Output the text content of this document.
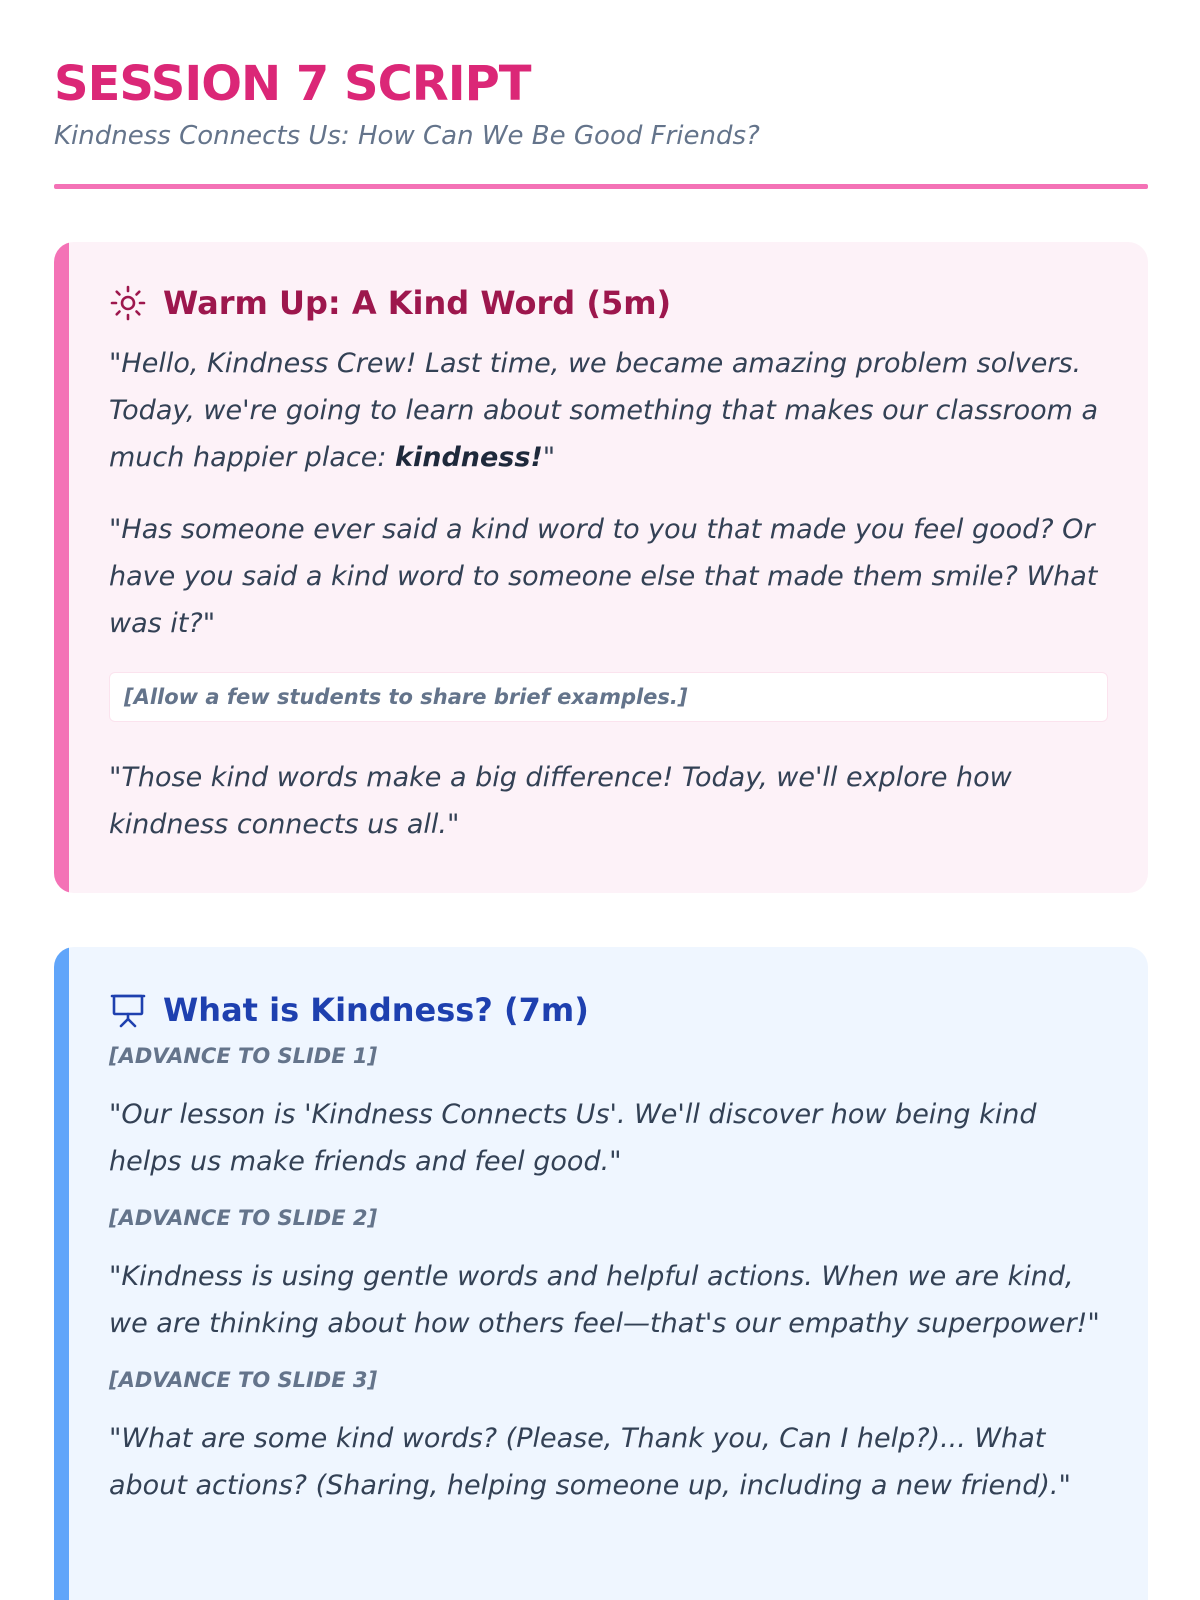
SESSION 7 SCRIPT
Kindness Connects Us: How Can We Be Good Friends?
Warm Up: A Kind Word (5m)

"Hello, Kindness Crew! Last time, we became amazing problem solvers. Today, we're going to learn about something that makes our classroom a much happier place: kindness!"

"Has someone ever said a kind word to you that made you feel good? Or have you said a kind word to someone else that made them smile? What was it?"

[Allow a few students to share brief examples.]

"Those kind words make a big difference! Today, we'll explore how kindness connects us all."

What is Kindness? (7m)
[ADVANCE TO SLIDE 1]

"Our lesson is 'Kindness Connects Us'. We'll discover how being kind helps us make friends and feel good."

[ADVANCE TO SLIDE 2]

"Kindness is using gentle words and helpful actions. When we are kind, we are thinking about how others feel—that's our empathy superpower!"

[ADVANCE TO SLIDE 3]

"What are some kind words? (Please, Thank you, Can I help?)... What about actions? (Sharing, helping someone up, including a new friend)."
